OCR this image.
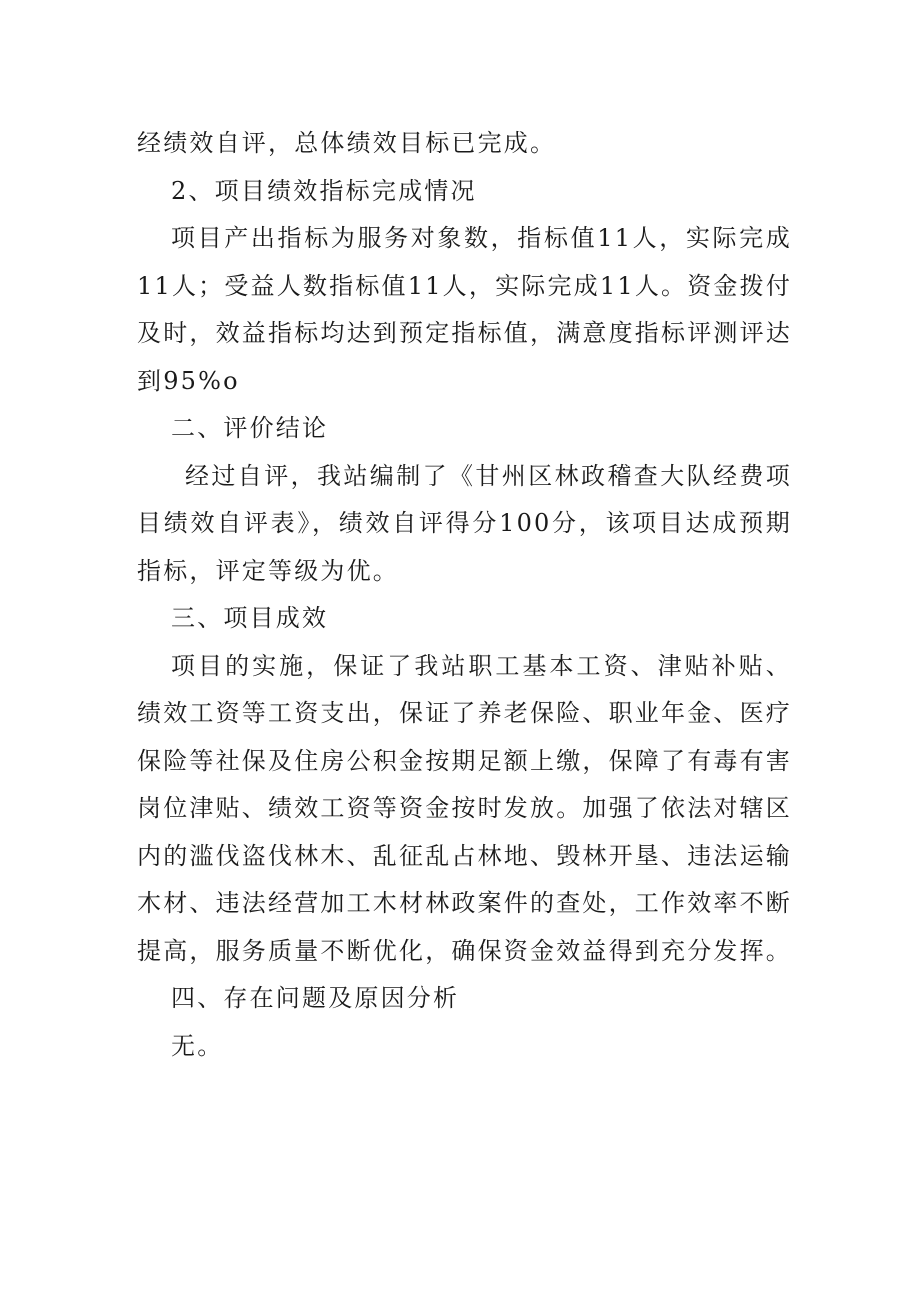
经绩效自评，总体绩效目标已完成。

2、项目绩效指标完成情况

项目产出指标为服务对象数，指标值11人，实际完成11人；受益人数指标值11人，实际完成11人。资金拨付及时，效益指标均达到预定指标值，满意度指标评测评达到95%o

二、评价结论

经过自评，我站编制了《甘州区林政稽查大队经费项目绩效自评表》，绩效自评得分100分，该项目达成预期指标，评定等级为优。

三、项目成效

项目的实施，保证了我站职工基本工资、津贴补贴、绩效工资等工资支出，保证了养老保险、职业年金、医疗保险等社保及住房公积金按期足额上缴，保障了有毒有害岗位津贴、绩效工资等资金按时发放。加强了依法对辖区内的滥伐盗伐林木、乱征乱占林地、毁林开垦、违法运输木材、违法经营加工木材林政案件的查处，工作效率不断提高，服务质量不断优化，确保资金效益得到充分发挥。

四、存在问题及原因分析

无。
